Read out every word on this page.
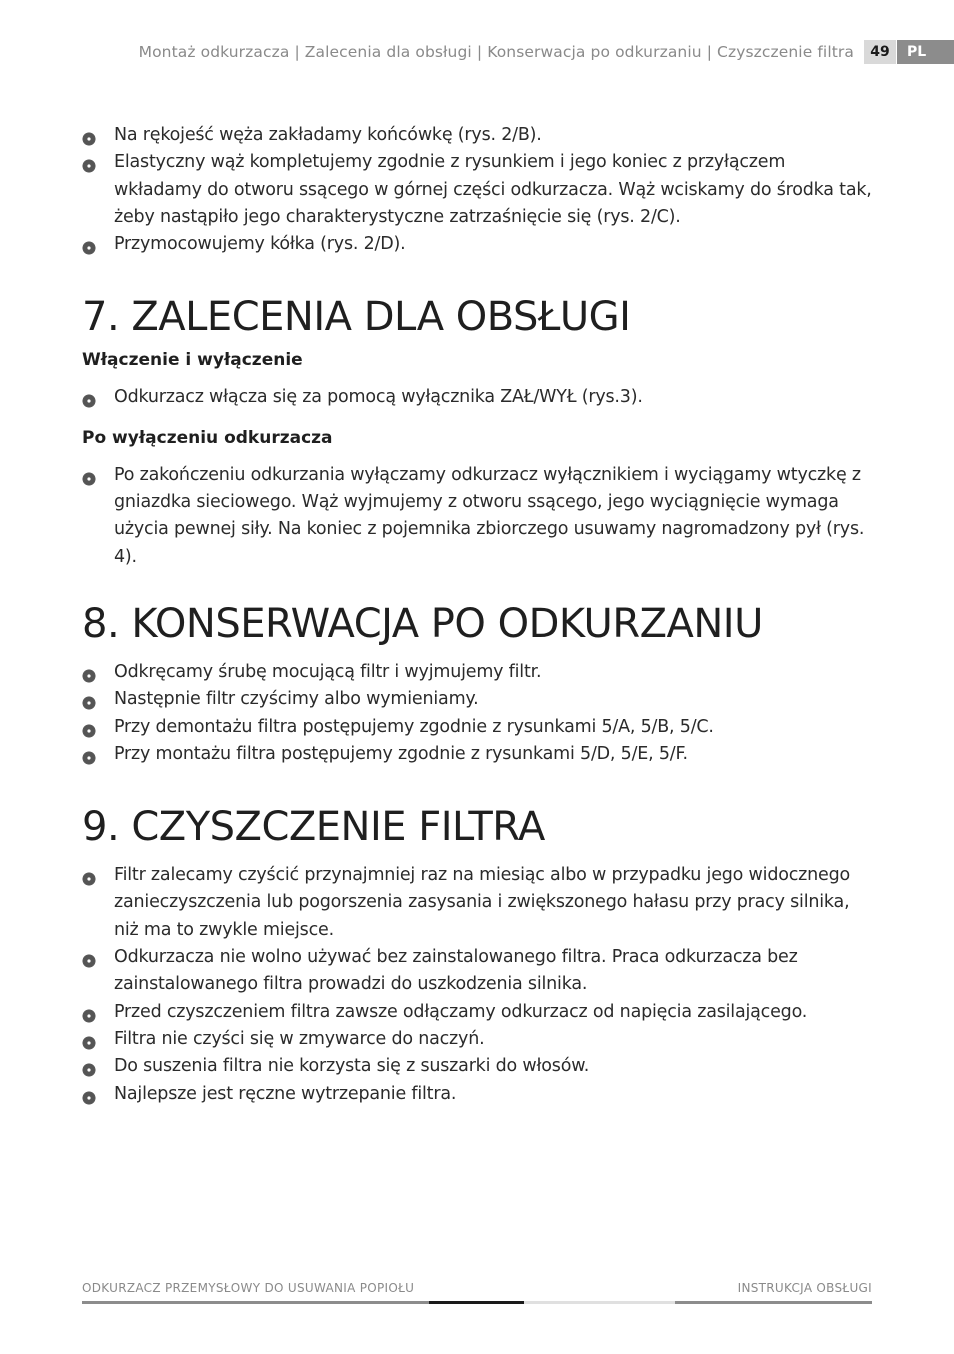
Montaż odkurzacza | Zalecenia dla obsługi | Konserwacja po odkurzaniu | Czyszczenie filtra	49	PL
Na rękojeść węża zakładamy końcówkę (rys. 2/B).
Elastyczny wąż kompletujemy zgodnie z rysunkiem i jego koniec z przyłączem wkładamy do otworu ssącego w górnej części odkurzacza. Wąż wciskamy do środka tak, żeby nastąpiło jego charakterystyczne zatrzaśnięcie się (rys. 2/C).
Przymocowujemy kółka (rys. 2/D).
7. ZALECENIA DLA OBSŁUGI
Włączenie i wyłączenie
Odkurzacz włącza się za pomocą wyłącznika ZAŁ/WYŁ (rys.3).
Po wyłączeniu odkurzacza
Po zakończeniu odkurzania wyłączamy odkurzacz wyłącznikiem i wyciągamy wtyczkę z gniazdka sieciowego. Wąż wyjmujemy z otworu ssącego, jego wyciągnięcie wymaga użycia pewnej siły. Na koniec z pojemnika zbiorczego usuwamy nagromadzony pył (rys. 4).
8. KONSERWACJA PO ODKURZANIU
Odkręcamy śrubę mocującą filtr i wyjmujemy filtr.
Następnie filtr czyścimy albo wymieniamy.
Przy demontażu filtra postępujemy zgodnie z rysunkami 5/A, 5/B, 5/C.
Przy montażu filtra postępujemy zgodnie z rysunkami 5/D, 5/E, 5/F.
9. CZYSZCZENIE FILTRA
Filtr zalecamy czyścić przynajmniej raz na miesiąc albo w przypadku jego widocznego zanieczyszczenia lub pogorszenia zasysania i zwiększonego hałasu przy pracy silnika, niż ma to zwykle miejsce.
Odkurzacza nie wolno używać bez zainstalowanego filtra. Praca odkurzacza bez zainstalowanego filtra prowadzi do uszkodzenia silnika.
Przed czyszczeniem filtra zawsze odłączamy odkurzacz od napięcia zasilającego.
Filtra nie czyści się w zmywarce do naczyń.
Do suszenia filtra nie korzysta się z suszarki do włosów.
Najlepsze jest ręczne wytrzepanie filtra.
ODKURZACZ PRZEMYSŁOWY DO USUWANIA POPIOŁU	INSTRUKCJA OBSŁUGI
